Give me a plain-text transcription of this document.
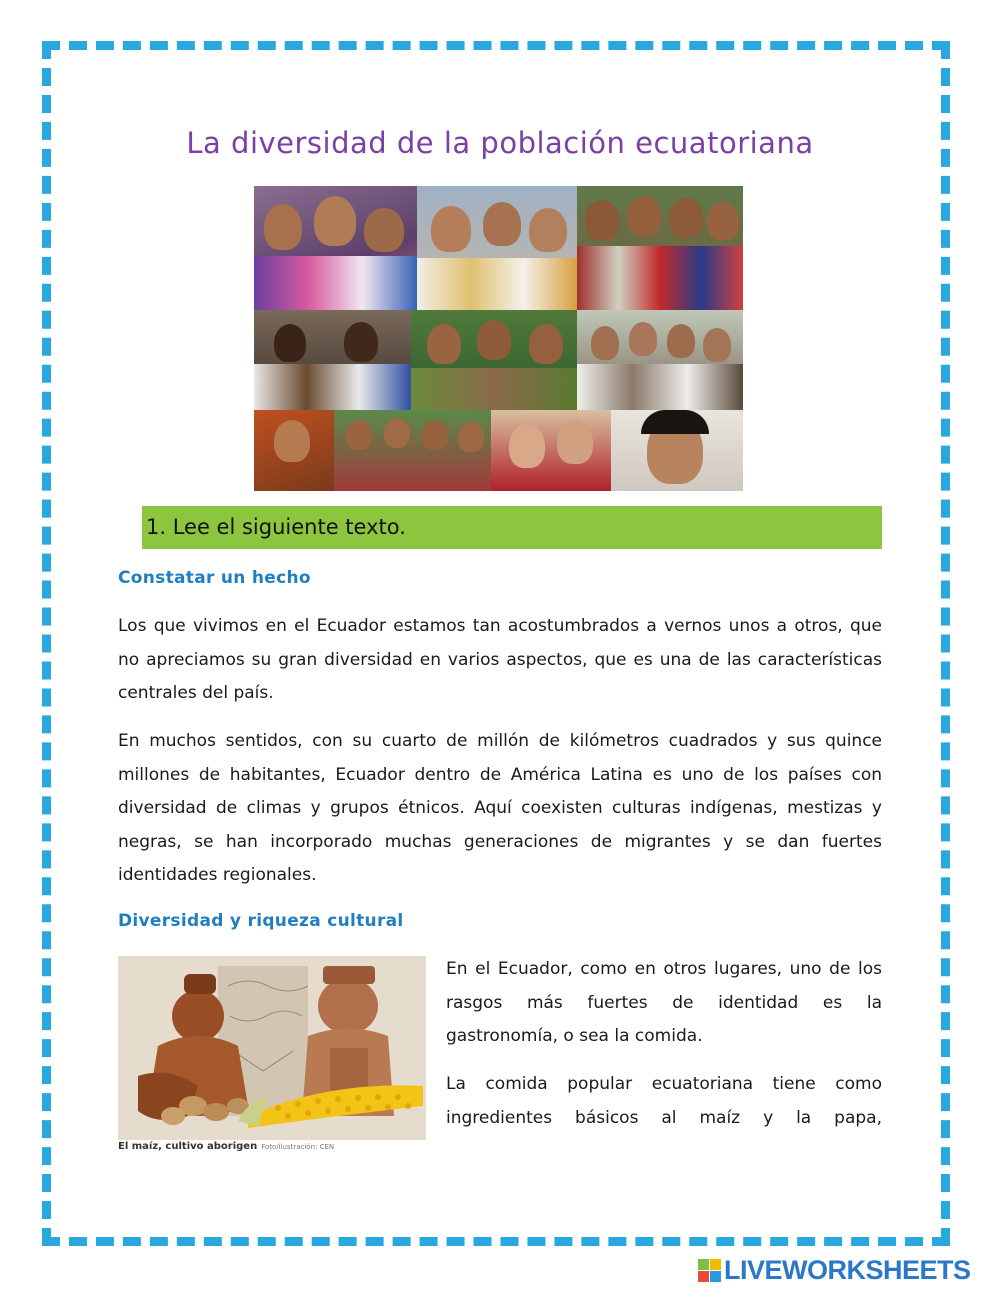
La diversidad de la población ecuatoriana
1. Lee el siguiente texto.
Constatar un hecho

Los que vivimos en el Ecuador estamos tan acostumbrados a vernos unos a otros, que no apreciamos su gran diversidad en varios aspectos, que es una de las características centrales del país.

En muchos sentidos, con su cuarto de millón de kilómetros cuadrados y sus quince millones de habitantes, Ecuador dentro de América Latina es uno de los países con diversidad de climas y grupos étnicos. Aquí coexisten culturas indígenas, mestizas y negras, se han incorporado muchas generaciones de migrantes y se dan fuertes identidades regionales.

Diversidad y riqueza cultural
El maíz, cultivo aborigen Foto/ilustración: CEN

En el Ecuador, como en otros lugares, uno de los rasgos más fuertes de identidad es la gastronomía, o sea la comida.

La comida popular ecuatoriana tiene como ingredientes básicos al maíz y la papa,

LIVEWORKSHEETS
